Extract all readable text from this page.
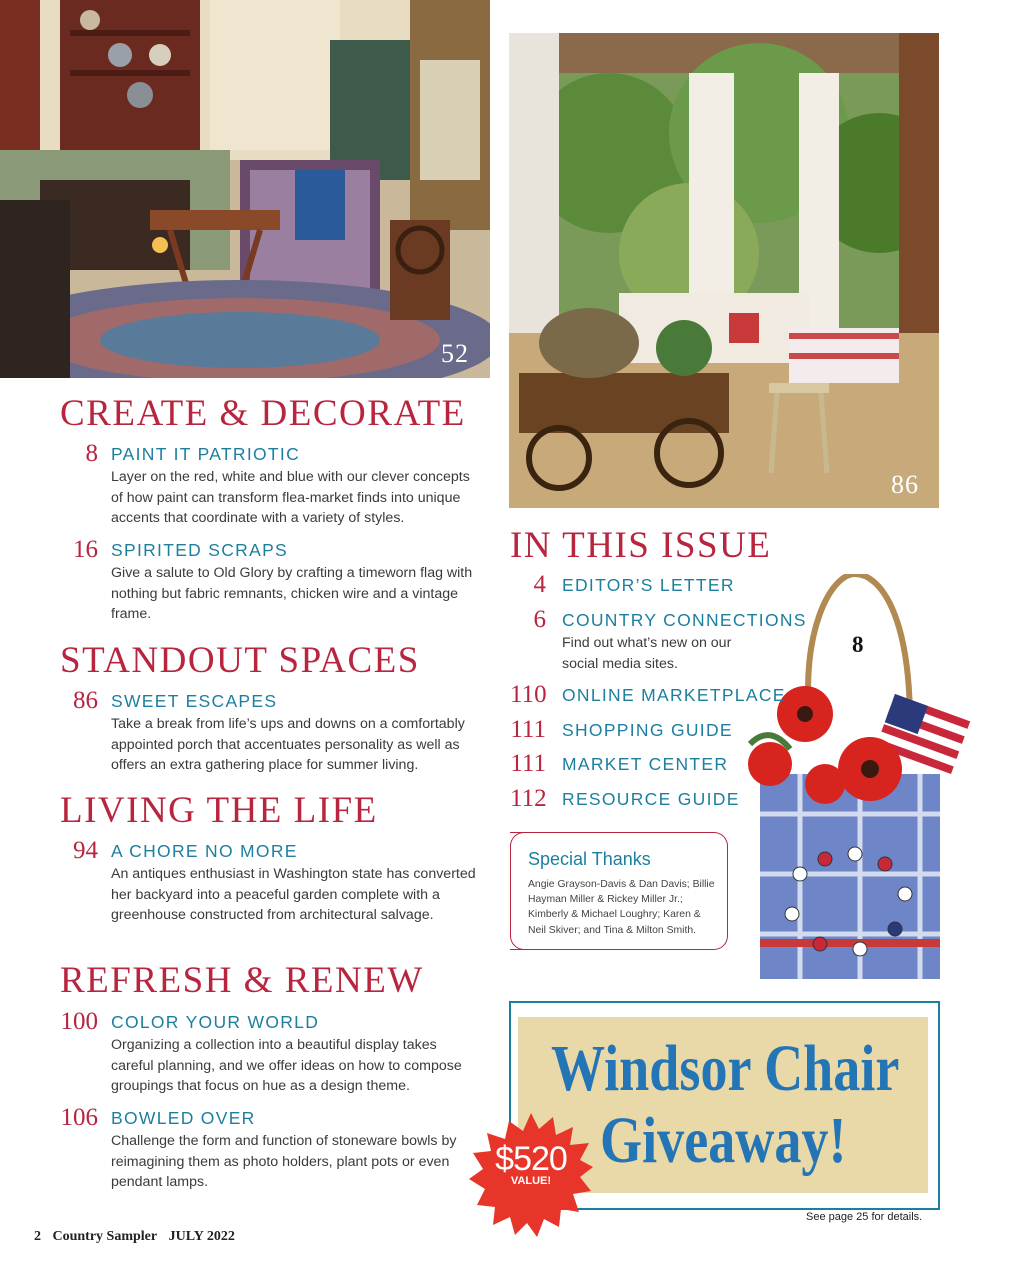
52
86
8
CREATE & DECORATE
8 PAINT IT PATRIOTIC
Layer on the red, white and blue with our clever concepts of how paint can transform flea-market finds into unique accents that coordinate with a variety of styles.
16 SPIRITED SCRAPS
Give a salute to Old Glory by crafting a timeworn flag with nothing but fabric remnants, chicken wire and a vintage frame.
STANDOUT SPACES
86 SWEET ESCAPES
Take a break from life’s ups and downs on a comfortably appointed porch that accentuates personality as well as offers an extra gathering place for summer living.
LIVING THE LIFE
94 A CHORE NO MORE
An antiques enthusiast in Washington state has converted her backyard into a peaceful garden complete with a greenhouse constructed from architectural salvage.
REFRESH & RENEW
100 COLOR YOUR WORLD
Organizing a collection into a beautiful display takes careful planning, and we offer ideas on how to compose groupings that focus on hue as a design theme.
106 BOWLED OVER
Challenge the form and function of stoneware bowls by reimagining them as photo holders, plant pots or even pendant lamps.
IN THIS ISSUE
4 EDITOR’S LETTER
6 COUNTRY CONNECTIONS
Find out what’s new on our social media sites.
110 ONLINE MARKETPLACE
111 SHOPPING GUIDE
111 MARKET CENTER
112 RESOURCE GUIDE
Special Thanks
Angie Grayson-Davis & Dan Davis; Billie Hayman Miller & Rickey Miller Jr.; Kimberly & Michael Loughry; Karen & Neil Skiver; and Tina & Milton Smith.
Windsor Chair
Giveaway!
$520
VALUE!
See page 25 for details.
2 Country Sampler JULY 2022
